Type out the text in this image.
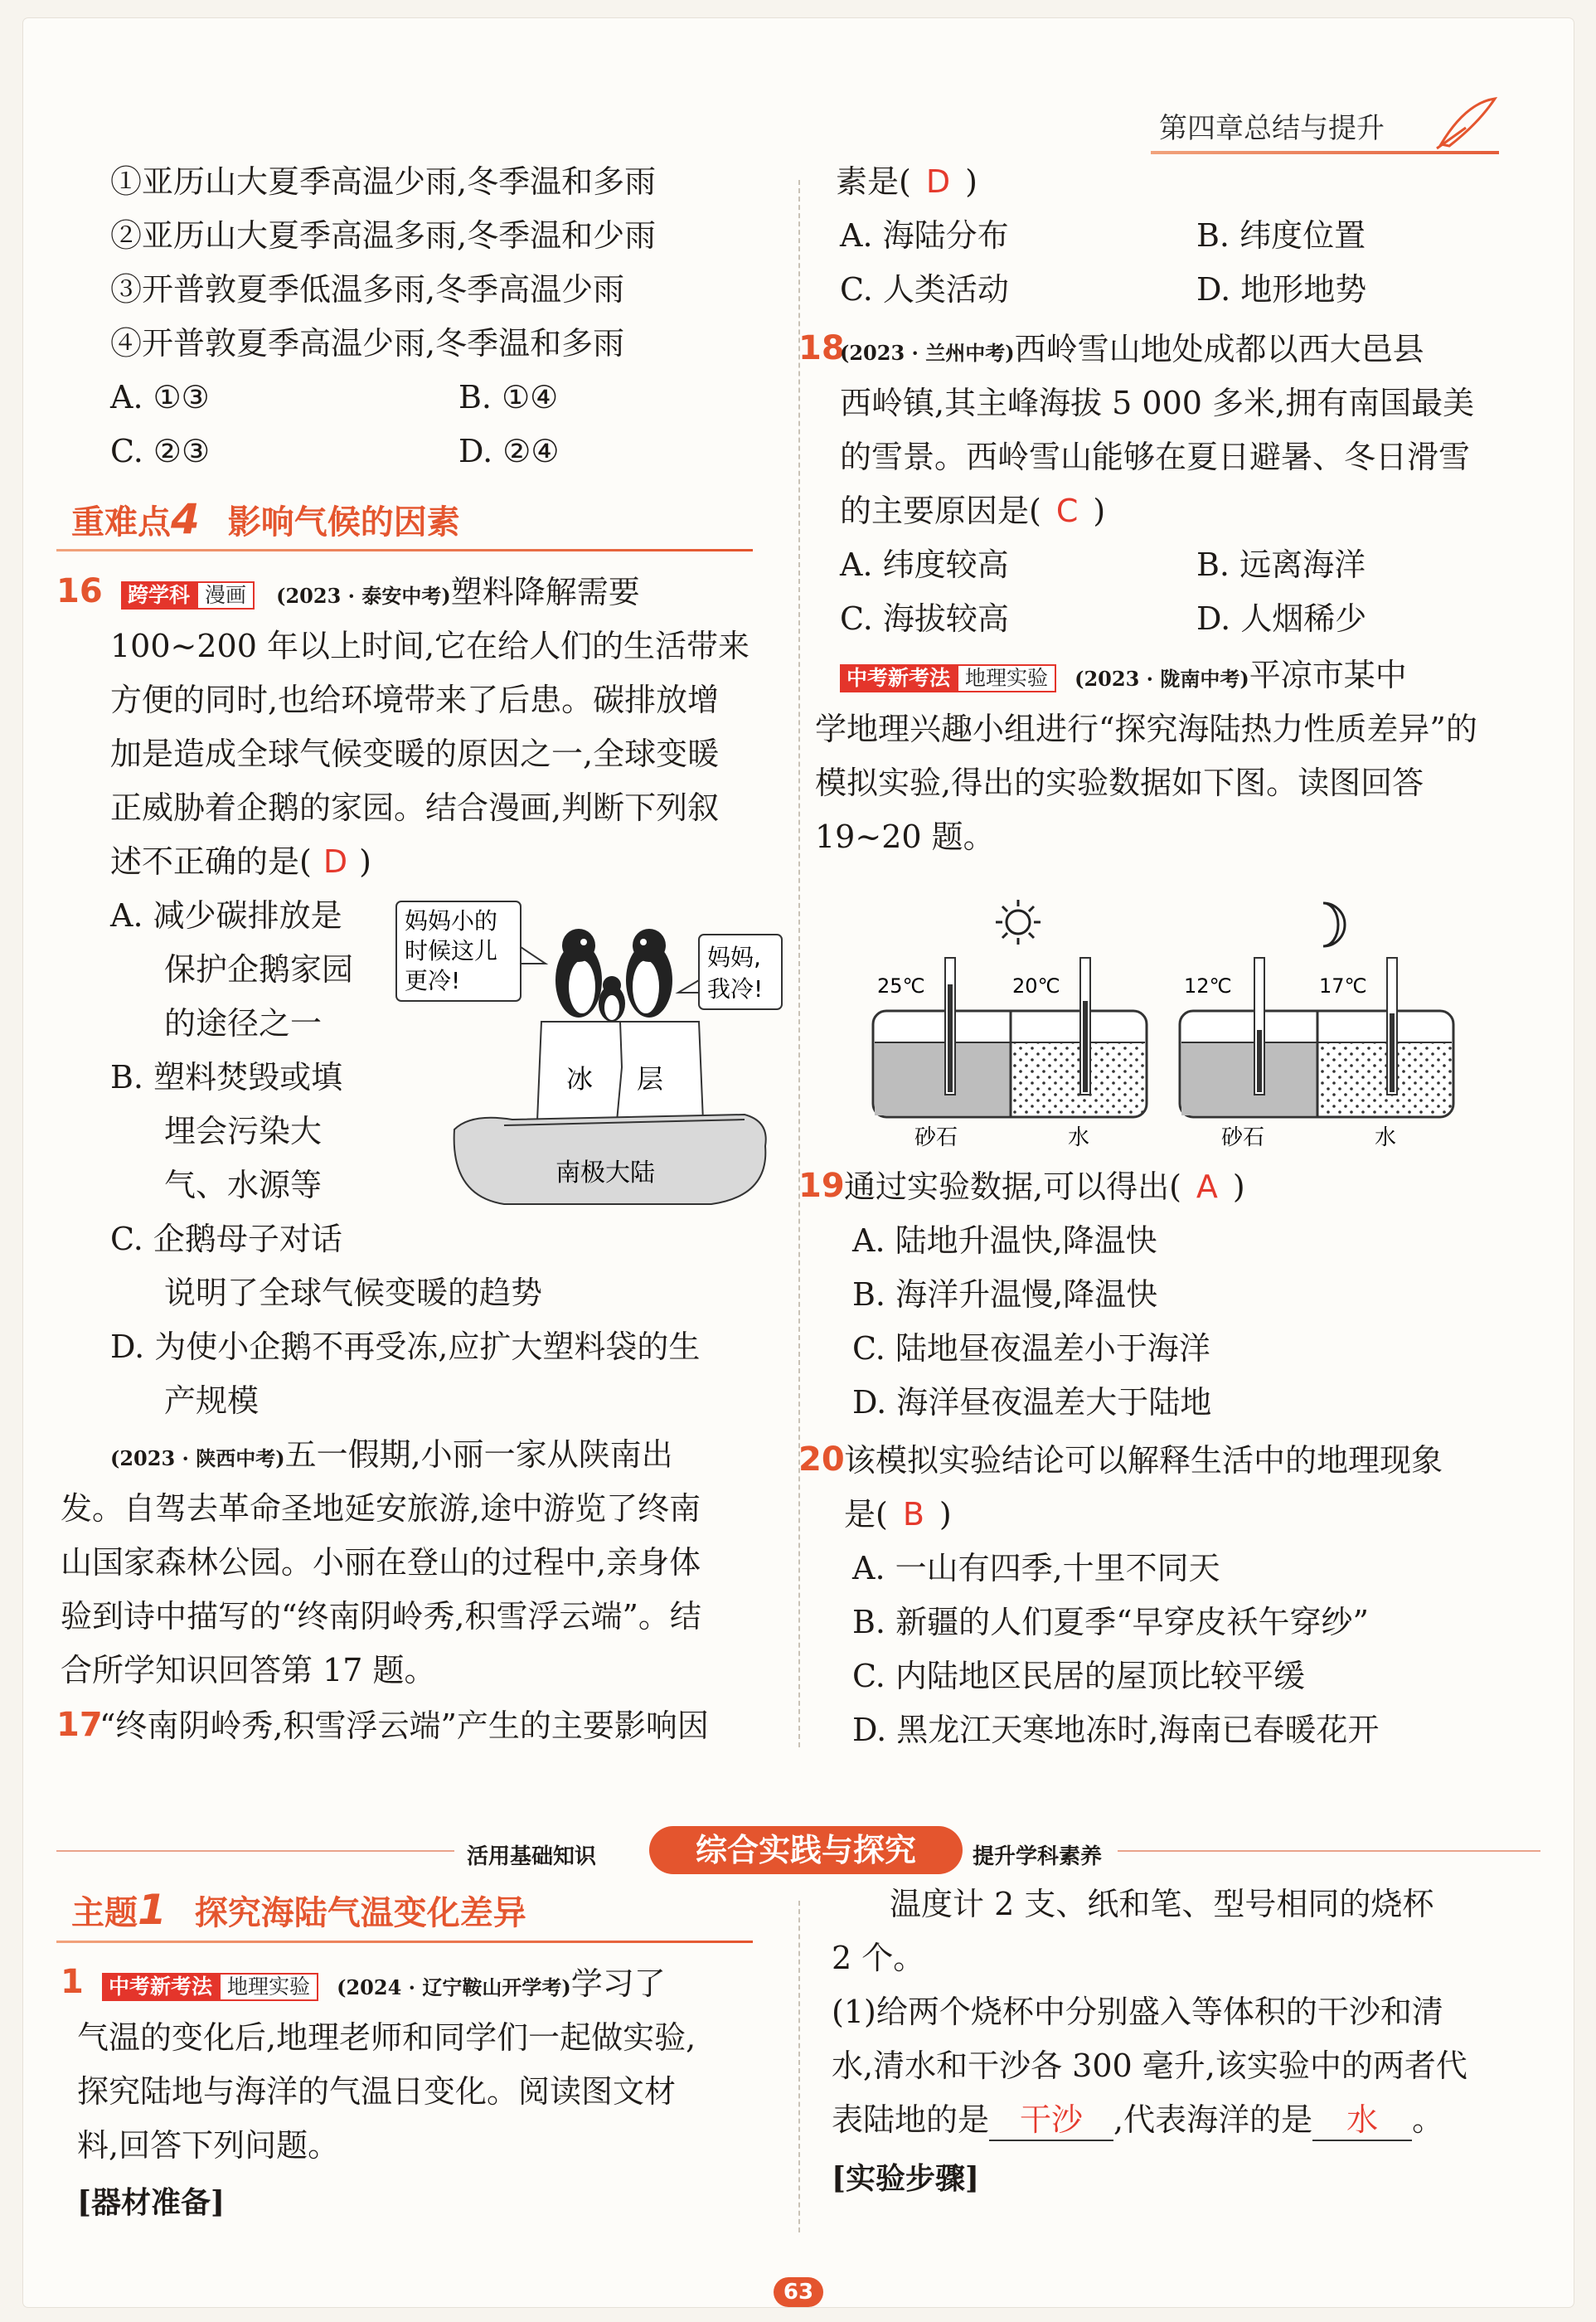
第四章总结与提升
①亚历山大夏季高温少雨,冬季温和多雨
②亚历山大夏季高温多雨,冬季温和少雨
③开普敦夏季低温多雨,冬季高温少雨
④开普敦夏季高温少雨,冬季温和多雨
A. ①③	B. ①④
C. ②③	D. ②④
重难点4 影响气候的因素
16	跨学科 漫画 (2023 · 泰安中考)塑料降解需要
100~200 年以上时间,它在给人们的生活带来
方便的同时,也给环境带来了后患。碳排放增
加是造成全球气候变暖的原因之一,全球变暖
正威胁着企鹅的家园。结合漫画,判断下列叙
述不正确的是( D )
A. 减少碳排放是
保护企鹅家园
的途径之一
B. 塑料焚毁或填
埋会污染大
气、水源等
C. 企鹅母子对话
说明了全球气候变暖的趋势
D. 为使小企鹅不再受冻,应扩大塑料袋的生
产规模
妈妈小的
时候这儿
更冷!
妈妈,
我冷!
冰 层
南极大陆
(2023 · 陕西中考)五一假期,小丽一家从陕南出
发。自驾去革命圣地延安旅游,途中游览了终南
山国家森林公园。小丽在登山的过程中,亲身体
验到诗中描写的“终南阴岭秀,积雪浮云端”。结
合所学知识回答第 17 题。
17
“终南阴岭秀,积雪浮云端”产生的主要影响因
素是( D )
A. 海陆分布	B. 纬度位置
C. 人类活动	D. 地形地势
18
(2023 · 兰州中考)西岭雪山地处成都以西大邑县
西岭镇,其主峰海拔 5 000 多米,拥有南国最美
的雪景。西岭雪山能够在夏日避暑、冬日滑雪
的主要原因是( C )
A. 纬度较高	B. 远离海洋
C. 海拔较高	D. 人烟稀少
中考新考法 地理实验 (2023 · 陇南中考)平凉市某中
学地理兴趣小组进行“探究海陆热力性质差异”的
模拟实验,得出的实验数据如下图。读图回答
19~20 题。
25℃	20℃
砂石	水
12℃	17℃
砂石	水
19 通过实验数据,可以得出( A )
A. 陆地升温快,降温快
B. 海洋升温慢,降温快
C. 陆地昼夜温差小于海洋
D. 海洋昼夜温差大于陆地
20 该模拟实验结论可以解释生活中的地理现象
是( B )
A. 一山有四季,十里不同天
B. 新疆的人们夏季“早穿皮袄午穿纱”
C. 内陆地区民居的屋顶比较平缓
D. 黑龙江天寒地冻时,海南已春暖花开
活用基础知识	综合实践与探究	提升学科素养
主题1 探究海陆气温变化差异
1	中考新考法 地理实验 (2024 · 辽宁鞍山开学考)学习了
气温的变化后,地理老师和同学们一起做实验,
探究陆地与海洋的气温日变化。阅读图文材
料,回答下列问题。
[器材准备]
温度计 2 支、纸和笔、型号相同的烧杯
2 个。
(1)给两个烧杯中分别盛入等体积的干沙和清
水,清水和干沙各 300 毫升,该实验中的两者代
表陆地的是 干沙 ,代表海洋的是 水 。
[实验步骤]
63
